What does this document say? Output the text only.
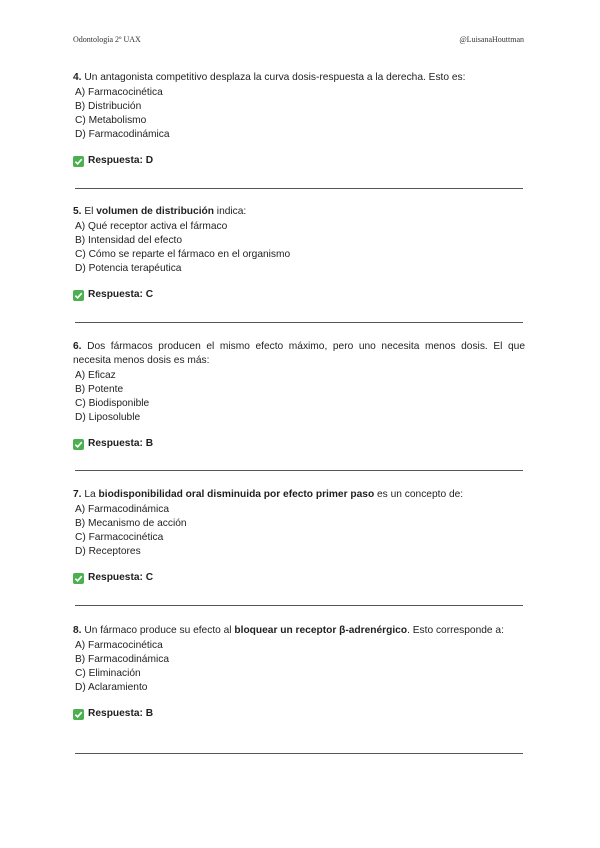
Odontología 2º UAX	@LuisanaHouttman

4. Un antagonista competitivo desplaza la curva dosis-respuesta a la derecha. Esto es:

A) Farmacocinética

B) Distribución

C) Metabolismo

D) Farmacodinámica

Respuesta: D

5. El volumen de distribución indica:

A) Qué receptor activa el fármaco

B) Intensidad del efecto

C) Cómo se reparte el fármaco en el organismo

D) Potencia terapéutica

Respuesta: C

6. Dos fármacos producen el mismo efecto máximo, pero uno necesita menos dosis. El que necesita menos dosis es más:

A) Eficaz

B) Potente

C) Biodisponible

D) Liposoluble

Respuesta: B

7. La biodisponibilidad oral disminuida por efecto primer paso es un concepto de:

A) Farmacodinámica

B) Mecanismo de acción

C) Farmacocinética

D) Receptores

Respuesta: C

8. Un fármaco produce su efecto al bloquear un receptor β-adrenérgico. Esto corresponde a:

A) Farmacocinética

B) Farmacodinámica

C) Eliminación

D) Aclaramiento

Respuesta: B
